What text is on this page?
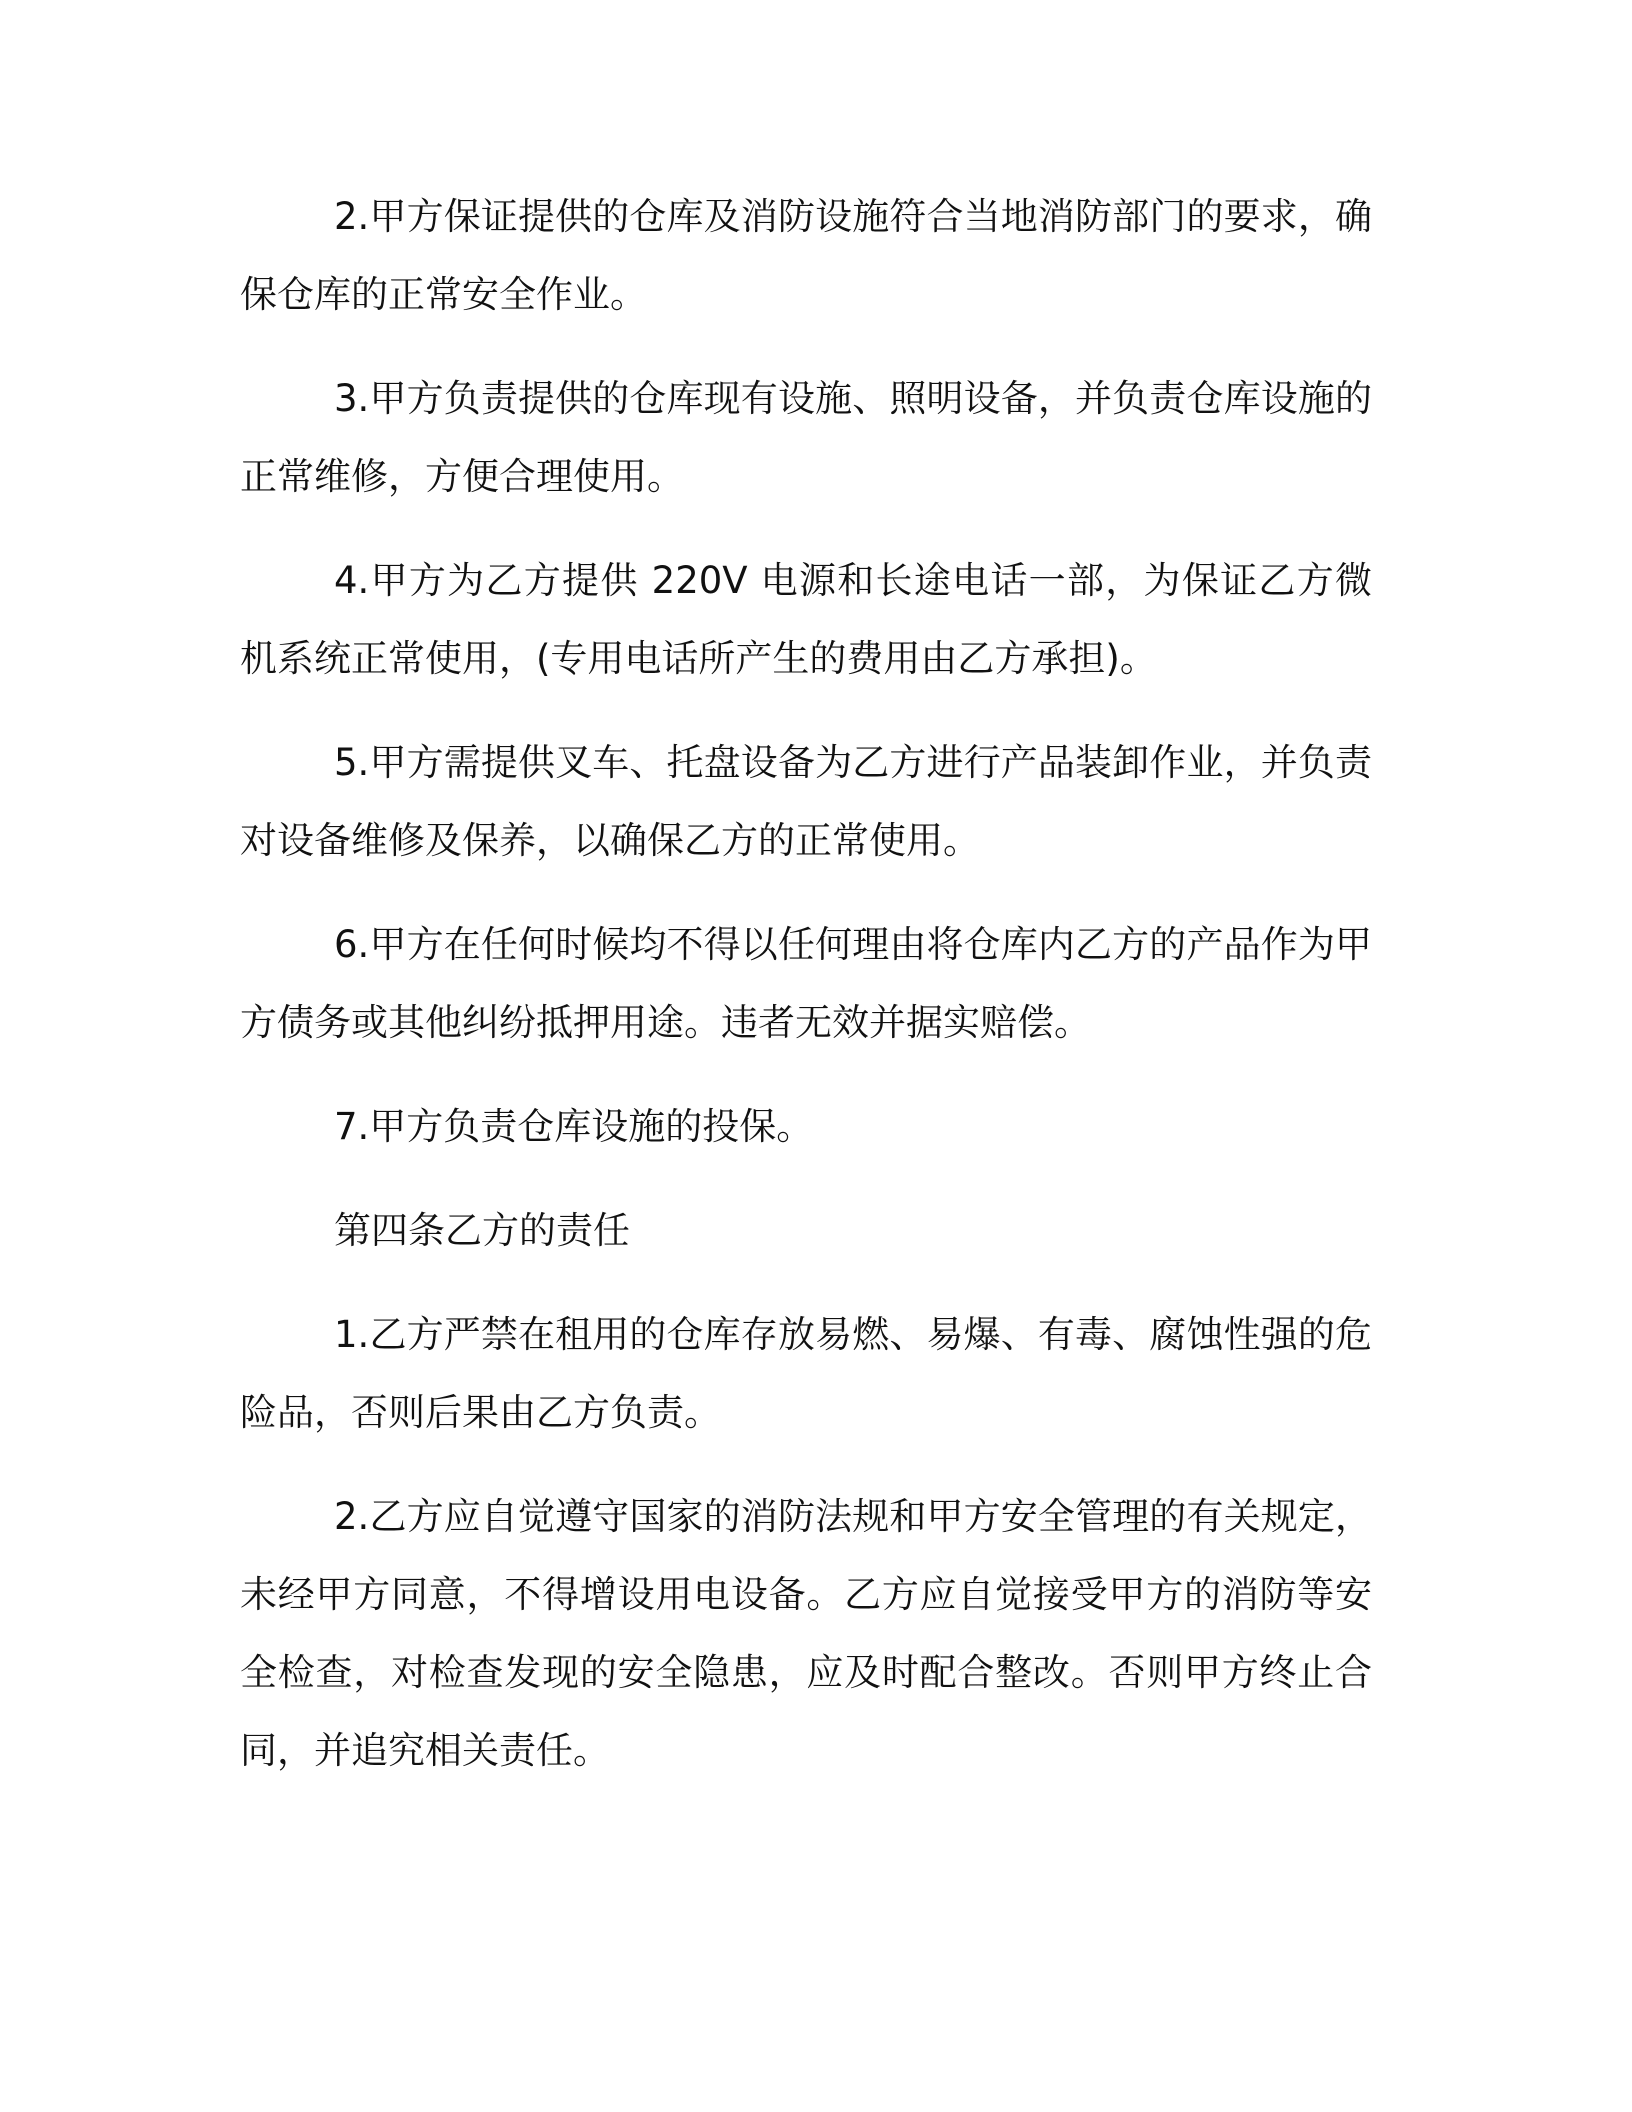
2.甲方保证提供的仓库及消防设施符合当地消防部门的要求，确保仓库的正常安全作业。

3.甲方负责提供的仓库现有设施、照明设备，并负责仓库设施的正常维修，方便合理使用。

4.甲方为乙方提供 220V 电源和长途电话一部，为保证乙方微机系统正常使用，(专用电话所产生的费用由乙方承担)。

5.甲方需提供叉车、托盘设备为乙方进行产品装卸作业，并负责对设备维修及保养，以确保乙方的正常使用。

6.甲方在任何时候均不得以任何理由将仓库内乙方的产品作为甲方债务或其他纠纷抵押用途。违者无效并据实赔偿。

7.甲方负责仓库设施的投保。

第四条乙方的责任

1.乙方严禁在租用的仓库存放易燃、易爆、有毒、腐蚀性强的危险品，否则后果由乙方负责。

2.乙方应自觉遵守国家的消防法规和甲方安全管理的有关规定，未经甲方同意，不得增设用电设备。乙方应自觉接受甲方的消防等安全检查，对检查发现的安全隐患，应及时配合整改。否则甲方终止合同，并追究相关责任。
